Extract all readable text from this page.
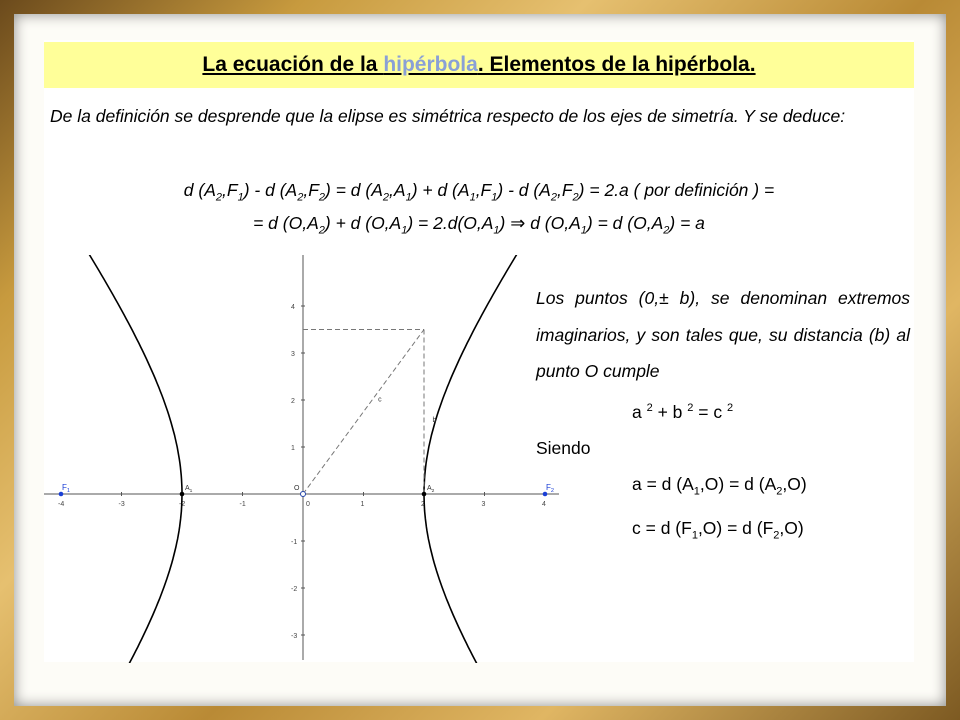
La ecuación de la hipérbola. Elementos de la hipérbola.
De la definición se desprende que la elipse es simétrica respecto de los ejes de simetría. Y se deduce:
d $(A_2,F_1)$ - d $(A_2,F_2) = d$ $(A_2,A_1) + d$ $(A_1,F_1)$ - d $(A_2,F_2) = 2.a$ ( por definición ) =
= d $(O,A_2) + d$ $(O,A_1) = 2.d(O,A_1)$ ⇒ d $(O,A_1) = d$ $(O,A_2) = a$
Los puntos (0,± b), se denominan extremos imaginarios, y son tales que, su distancia (b) al punto O cumple
a $^2$ + b $^2$ = c $^2$
Siendo
a = d $(A_1,O) = d$ $(A_2,O)$
c = d $(F_1,O) = d$ $(F_2,O)$
-4	-3	-2	-1	0	1	2	3	4
-3
-2
-1
1
2
3
4
$F_1$	$F_2$
$A_1$	$A_2$
O
c
b
